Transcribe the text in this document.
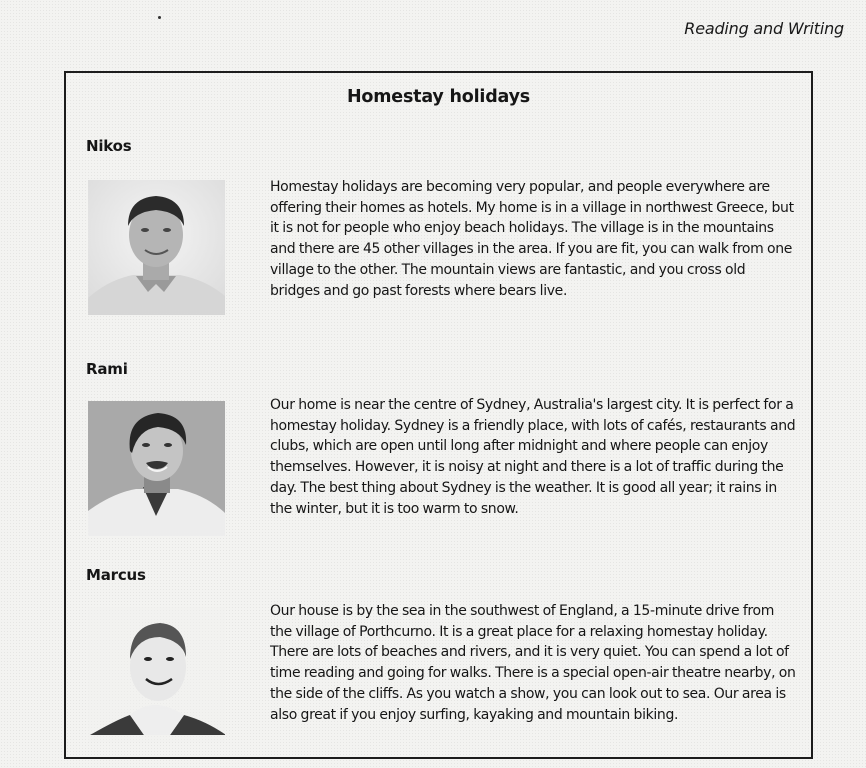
Reading and Writing
Homestay holidays
Nikos

Homestay holidays are becoming very popular, and people everywhere are offering their homes as hotels. My home is in a village in northwest Greece, but it is not for people who enjoy beach holidays. The village is in the mountains and there are 45 other villages in the area. If you are fit, you can walk from one village to the other. The mountain views are fantastic, and you cross old bridges and go past forests where bears live.

Rami

Our home is near the centre of Sydney, Australia's largest city. It is perfect for a homestay holiday. Sydney is a friendly place, with lots of cafés, restaurants and clubs, which are open until long after midnight and where people can enjoy themselves. However, it is noisy at night and there is a lot of traffic during the day. The best thing about Sydney is the weather. It is good all year; it rains in the winter, but it is too warm to snow.

Marcus

Our house is by the sea in the southwest of England, a 15-minute drive from the village of Porthcurno. It is a great place for a relaxing homestay holiday. There are lots of beaches and rivers, and it is very quiet. You can spend a lot of time reading and going for walks. There is a special open-air theatre nearby, on the side of the cliffs. As you watch a show, you can look out to sea. Our area is also great if you enjoy surfing, kayaking and mountain biking.
